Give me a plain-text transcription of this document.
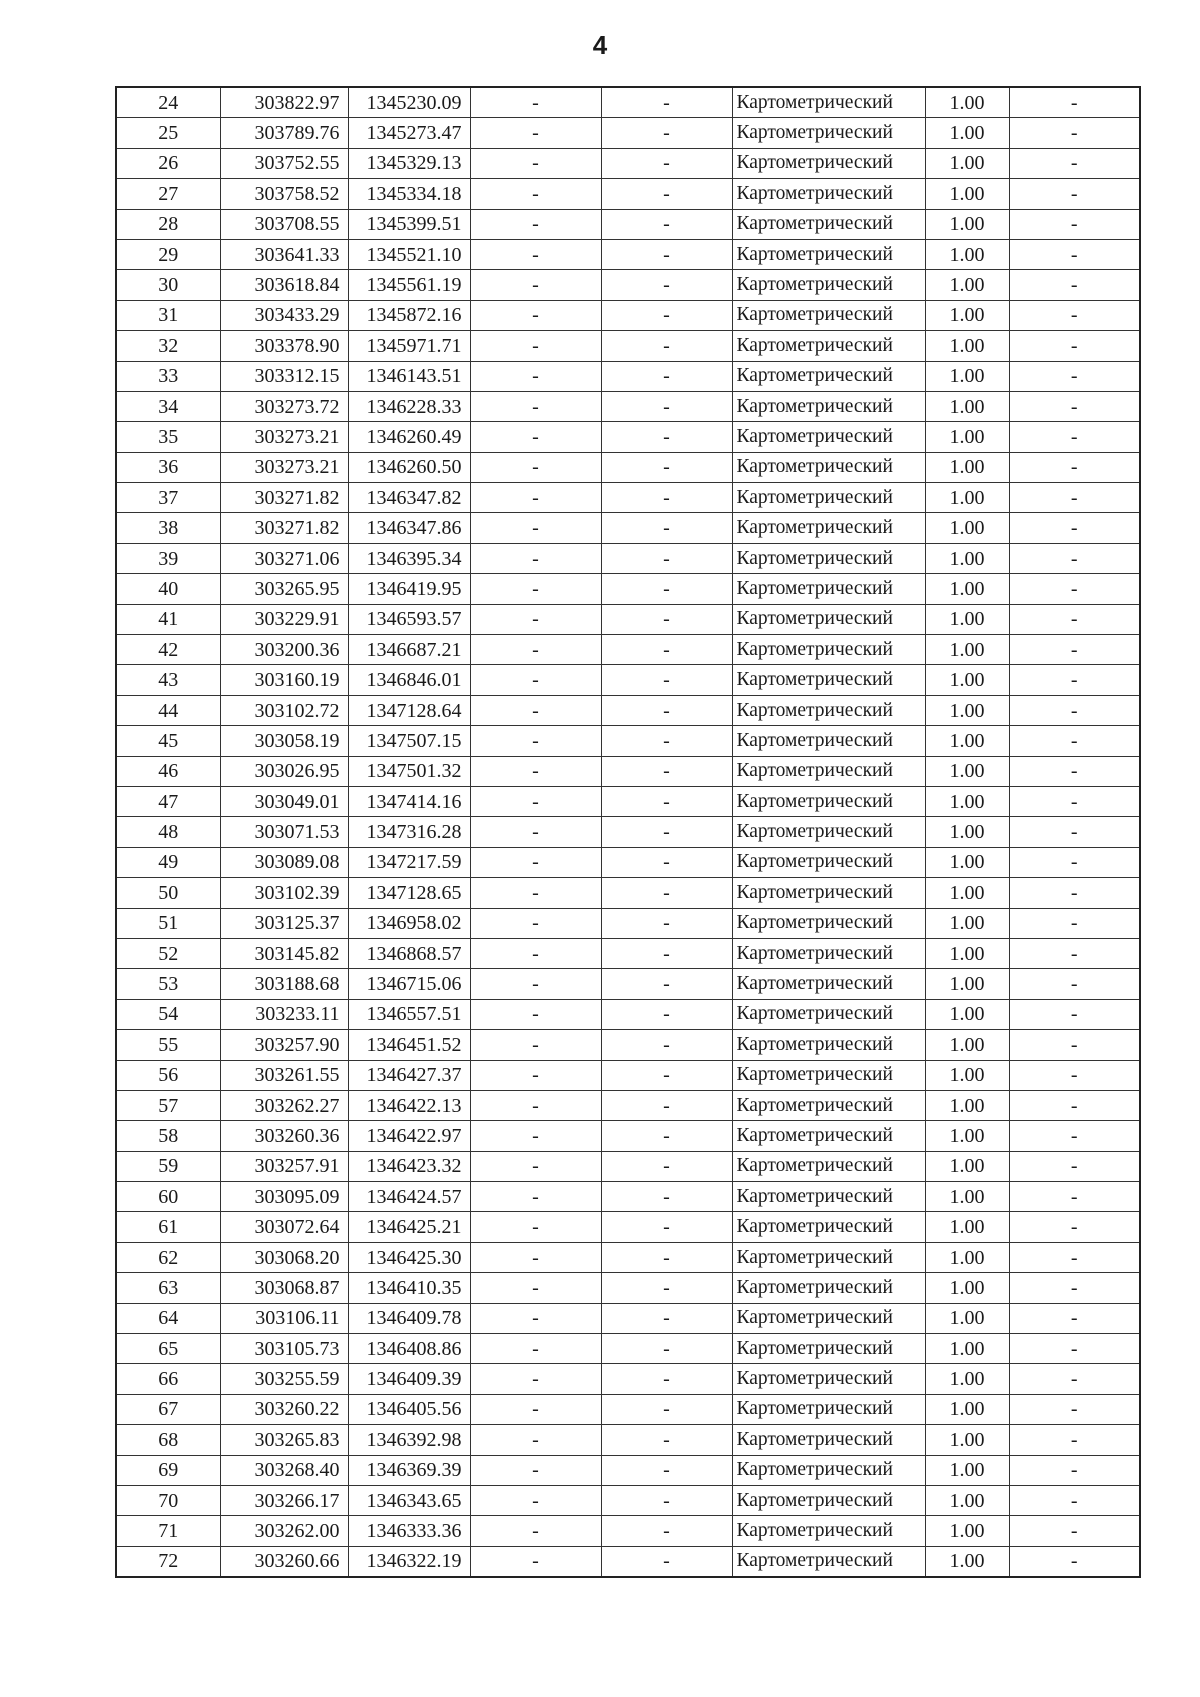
4
24	303822.97	1345230.09	-	-	Картометрический	1.00	-
25	303789.76	1345273.47	-	-	Картометрический	1.00	-
26	303752.55	1345329.13	-	-	Картометрический	1.00	-
27	303758.52	1345334.18	-	-	Картометрический	1.00	-
28	303708.55	1345399.51	-	-	Картометрический	1.00	-
29	303641.33	1345521.10	-	-	Картометрический	1.00	-
30	303618.84	1345561.19	-	-	Картометрический	1.00	-
31	303433.29	1345872.16	-	-	Картометрический	1.00	-
32	303378.90	1345971.71	-	-	Картометрический	1.00	-
33	303312.15	1346143.51	-	-	Картометрический	1.00	-
34	303273.72	1346228.33	-	-	Картометрический	1.00	-
35	303273.21	1346260.49	-	-	Картометрический	1.00	-
36	303273.21	1346260.50	-	-	Картометрический	1.00	-
37	303271.82	1346347.82	-	-	Картометрический	1.00	-
38	303271.82	1346347.86	-	-	Картометрический	1.00	-
39	303271.06	1346395.34	-	-	Картометрический	1.00	-
40	303265.95	1346419.95	-	-	Картометрический	1.00	-
41	303229.91	1346593.57	-	-	Картометрический	1.00	-
42	303200.36	1346687.21	-	-	Картометрический	1.00	-
43	303160.19	1346846.01	-	-	Картометрический	1.00	-
44	303102.72	1347128.64	-	-	Картометрический	1.00	-
45	303058.19	1347507.15	-	-	Картометрический	1.00	-
46	303026.95	1347501.32	-	-	Картометрический	1.00	-
47	303049.01	1347414.16	-	-	Картометрический	1.00	-
48	303071.53	1347316.28	-	-	Картометрический	1.00	-
49	303089.08	1347217.59	-	-	Картометрический	1.00	-
50	303102.39	1347128.65	-	-	Картометрический	1.00	-
51	303125.37	1346958.02	-	-	Картометрический	1.00	-
52	303145.82	1346868.57	-	-	Картометрический	1.00	-
53	303188.68	1346715.06	-	-	Картометрический	1.00	-
54	303233.11	1346557.51	-	-	Картометрический	1.00	-
55	303257.90	1346451.52	-	-	Картометрический	1.00	-
56	303261.55	1346427.37	-	-	Картометрический	1.00	-
57	303262.27	1346422.13	-	-	Картометрический	1.00	-
58	303260.36	1346422.97	-	-	Картометрический	1.00	-
59	303257.91	1346423.32	-	-	Картометрический	1.00	-
60	303095.09	1346424.57	-	-	Картометрический	1.00	-
61	303072.64	1346425.21	-	-	Картометрический	1.00	-
62	303068.20	1346425.30	-	-	Картометрический	1.00	-
63	303068.87	1346410.35	-	-	Картометрический	1.00	-
64	303106.11	1346409.78	-	-	Картометрический	1.00	-
65	303105.73	1346408.86	-	-	Картометрический	1.00	-
66	303255.59	1346409.39	-	-	Картометрический	1.00	-
67	303260.22	1346405.56	-	-	Картометрический	1.00	-
68	303265.83	1346392.98	-	-	Картометрический	1.00	-
69	303268.40	1346369.39	-	-	Картометрический	1.00	-
70	303266.17	1346343.65	-	-	Картометрический	1.00	-
71	303262.00	1346333.36	-	-	Картометрический	1.00	-
72	303260.66	1346322.19	-	-	Картометрический	1.00	-
